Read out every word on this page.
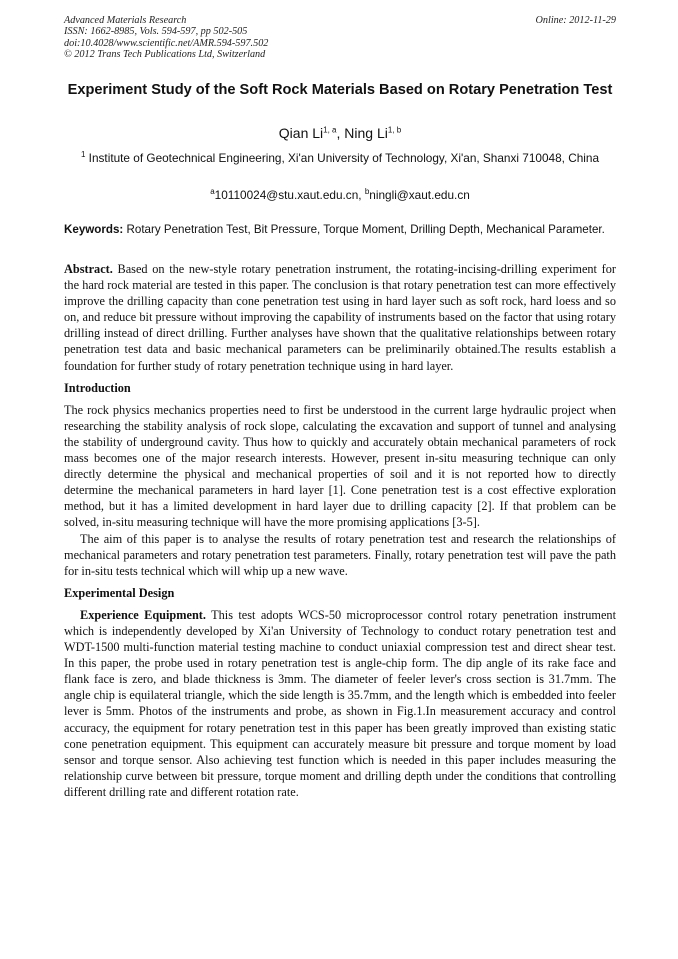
Advanced Materials Research
ISSN: 1662-8985, Vols. 594-597, pp 502-505
doi:10.4028/www.scientific.net/AMR.594-597.502
© 2012 Trans Tech Publications Ltd, Switzerland
Online: 2012-11-29
Experiment Study of the Soft Rock Materials Based on Rotary Penetration Test
Qian Li$^{1, a}$, Ning Li$^{1, b}$
$^1$ Institute of Geotechnical Engineering, Xi'an University of Technology, Xi'an, Shanxi 710048, China
$^a$10110024@stu.xaut.edu.cn, $^b$ningli@xaut.edu.cn
Keywords: Rotary Penetration Test, Bit Pressure, Torque Moment, Drilling Depth, Mechanical Parameter.

Abstract. Based on the new-style rotary penetration instrument, the rotating-incising-drilling experiment for the hard rock material are tested in this paper. The conclusion is that rotary penetration test can more effectively improve the drilling capacity than cone penetration test using in hard layer such as soft rock, hard loess and so on, and reduce bit pressure without improving the capability of instruments based on the factor that using rotary drilling instead of direct drilling. Further analyses have shown that the qualitative relationships between rotary penetration test data and basic mechanical parameters can be preliminarily obtained.The results establish a foundation for further study of rotary penetration technique using in hard layer.

Introduction

The rock physics mechanics properties need to first be understood in the current large hydraulic project when researching the stability analysis of rock slope, calculating the excavation and support of tunnel and analysing the stability of underground cavity. Thus how to quickly and accurately obtain mechanical parameters of rock mass becomes one of the major research interests. However, present in-situ measuring technique can only directly determine the physical and mechanical properties of soil and it is not reported how to directly determine the mechanical parameters in hard layer [1]. Cone penetration test is a cost effective exploration method, but it has a limited development in hard layer due to drilling capacity [2]. If that problem can be solved, in-situ measuring technique will have the more promising applications [3-5].

The aim of this paper is to analyse the results of rotary penetration test and research the relationships of mechanical parameters and rotary penetration test parameters. Finally, rotary penetration test will pave the path for in-situ tests technical which will whip up a new wave.

Experimental Design

Experience Equipment. This test adopts WCS-50 microprocessor control rotary penetration instrument which is independently developed by Xi'an University of Technology to conduct rotary penetration test and WDT-1500 multi-function material testing machine to conduct uniaxial compression test and direct shear test. In this paper, the probe used in rotary penetration test is angle-chip form. The dip angle of its rake face and flank face is zero, and blade thickness is 3mm. The diameter of feeler lever's cross section is 31.7mm. The angle chip is equilateral triangle, which the side length is 35.7mm, and the length which is embedded into feeler lever is 5mm. Photos of the instruments and probe, as shown in Fig.1.In measurement accuracy and control accuracy, the equipment for rotary penetration test in this paper has been greatly improved than existing static cone penetration equipment. This equipment can accurately measure bit pressure and torque moment by load sensor and torque sensor. Also achieving test function which is needed in this paper includes measuring the relationship curve between bit pressure, torque moment and drilling depth under the conditions that controlling different drilling rate and different rotation rate.
